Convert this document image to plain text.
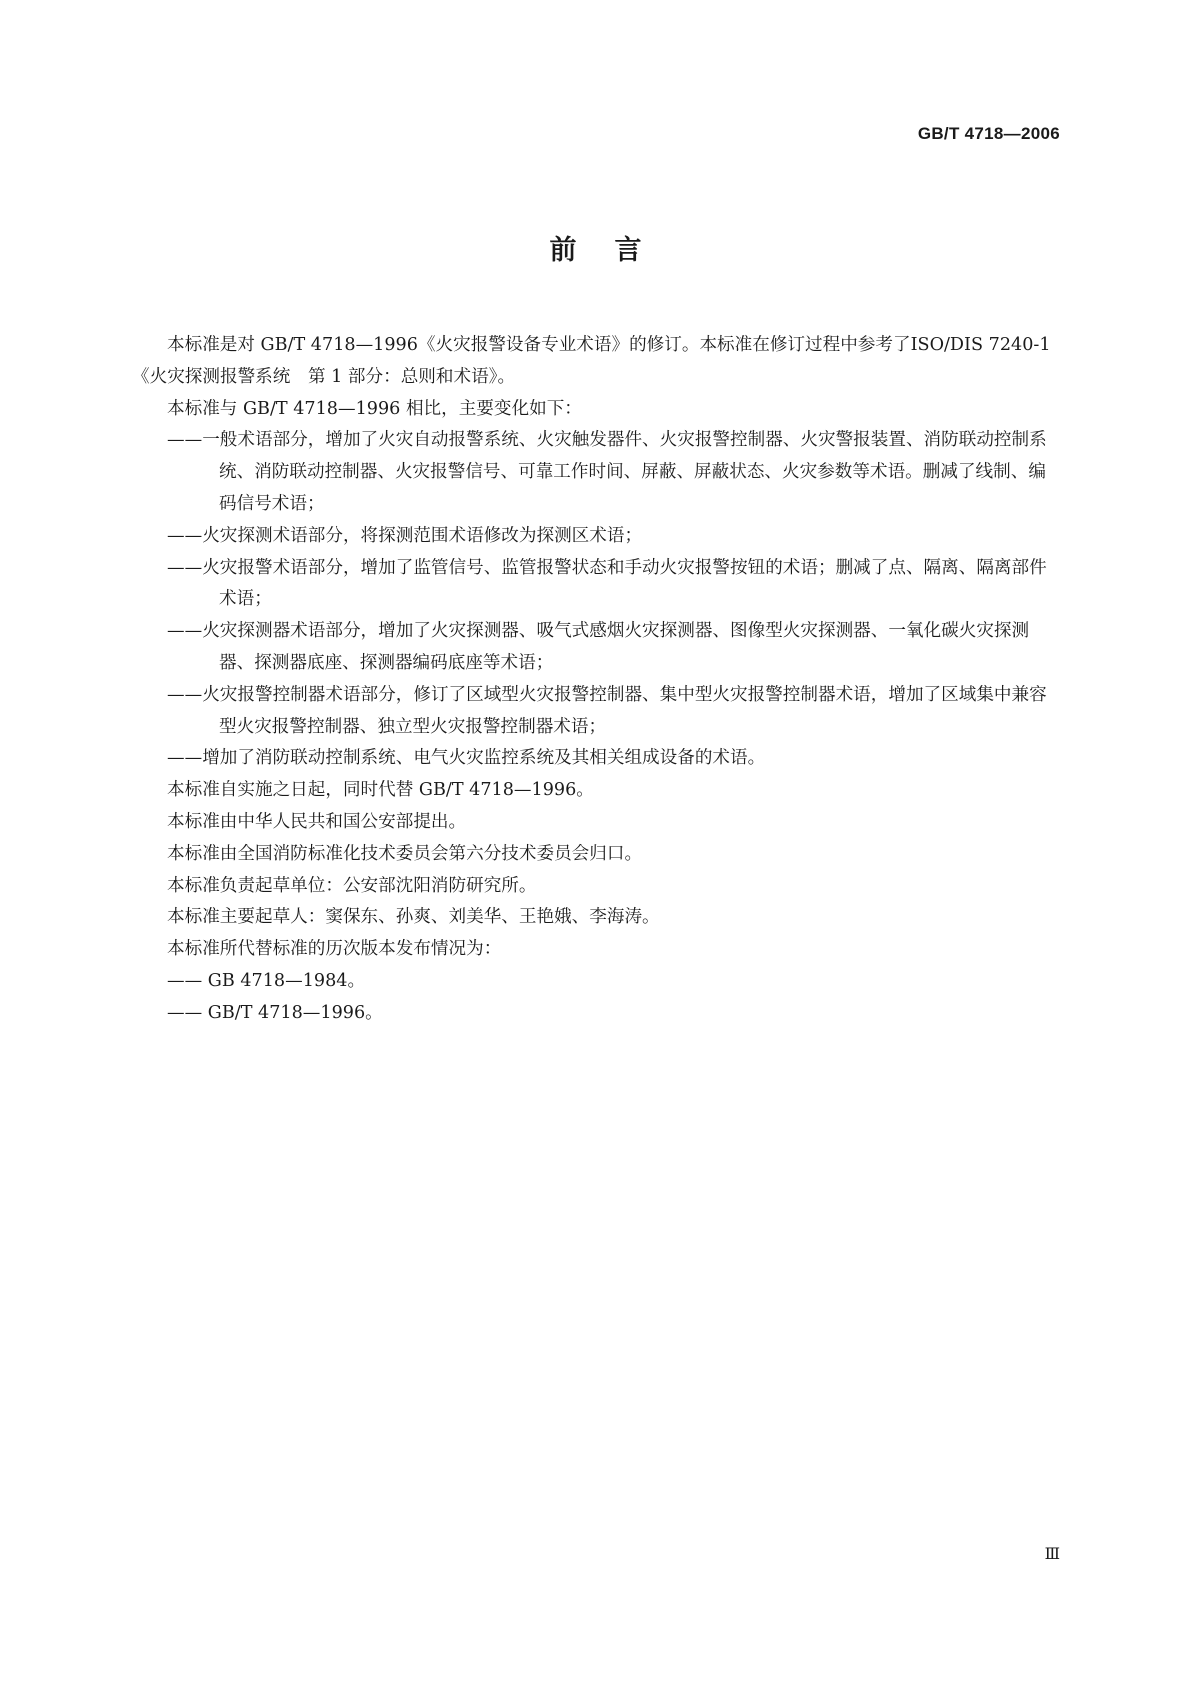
GB/T 4718—2006
前言

本标准是对 GB/T 4718—1996《火灾报警设备专业术语》的修订。本标准在修订过程中参考了ISO/DIS 7240-1《火灾探测报警系统　第 1 部分：总则和术语》。

本标准与 GB/T 4718—1996 相比，主要变化如下：

——一般术语部分，增加了火灾自动报警系统、火灾触发器件、火灾报警控制器、火灾警报装置、消防联动控制系统、消防联动控制器、火灾报警信号、可靠工作时间、屏蔽、屏蔽状态、火灾参数等术语。删减了线制、编码信号术语；

——火灾探测术语部分，将探测范围术语修改为探测区术语；

——火灾报警术语部分，增加了监管信号、监管报警状态和手动火灾报警按钮的术语；删减了点、隔离、隔离部件术语；

——火灾探测器术语部分，增加了火灾探测器、吸气式感烟火灾探测器、图像型火灾探测器、一氧化碳火灾探测器、探测器底座、探测器编码底座等术语；

——火灾报警控制器术语部分，修订了区域型火灾报警控制器、集中型火灾报警控制器术语，增加了区域集中兼容型火灾报警控制器、独立型火灾报警控制器术语；

——增加了消防联动控制系统、电气火灾监控系统及其相关组成设备的术语。

本标准自实施之日起，同时代替 GB/T 4718—1996。

本标准由中华人民共和国公安部提出。

本标准由全国消防标准化技术委员会第六分技术委员会归口。

本标准负责起草单位：公安部沈阳消防研究所。

本标准主要起草人：窦保东、孙爽、刘美华、王艳娥、李海涛。

本标准所代替标准的历次版本发布情况为：

—— GB 4718—1984。

—— GB/T 4718—1996。

Ⅲ
